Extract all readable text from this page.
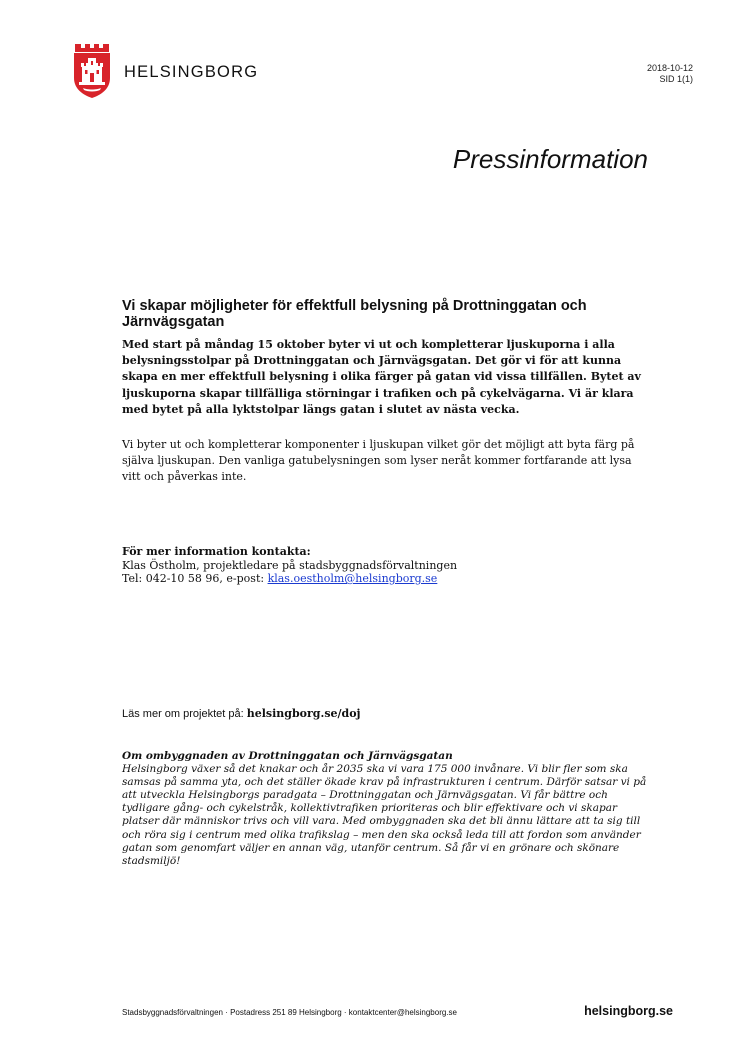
HELSINGBORG	2018-10-12
SID 1(1)
Pressinformation
Vi skapar möjligheter för effektfull belysning på Drottninggatan och Järnvägsgatan

Med start på måndag 15 oktober byter vi ut och kompletterar ljuskuporna i alla belysningsstolpar på Drottninggatan och Järnvägsgatan. Det gör vi för att kunna skapa en mer effektfull belysning i olika färger på gatan vid vissa tillfällen. Bytet av ljuskuporna skapar tillfälliga störningar i trafiken och på cykelvägarna. Vi är klara med bytet på alla lyktstolpar längs gatan i slutet av nästa vecka.

Vi byter ut och kompletterar komponenter i ljuskupan vilket gör det möjligt att byta färg på själva ljuskupan. Den vanliga gatubelysningen som lyser neråt kommer fortfarande att lysa vitt och påverkas inte.

För mer information kontakta:
Klas Östholm, projektledare på stadsbyggnadsförvaltningen
Tel: 042-10 58 96, e-post: klas.oestholm@helsingborg.se
Läs mer om projektet på: helsingborg.se/doj
Om ombyggnaden av Drottninggatan och Järnvägsgatan
Helsingborg växer så det knakar och år 2035 ska vi vara 175 000 invånare. Vi blir fler som ska samsas på samma yta, och det ställer ökade krav på infrastrukturen i centrum. Därför satsar vi på att utveckla Helsingborgs paradgata – Drottninggatan och Järnvägsgatan. Vi får bättre och tydligare gång- och cykelstråk, kollektivtrafiken prioriteras och blir effektivare och vi skapar platser där människor trivs och vill vara. Med ombyggnaden ska det bli ännu lättare att ta sig till och röra sig i centrum med olika trafikslag – men den ska också leda till att fordon som använder gatan som genomfart väljer en annan väg, utanför centrum. Så får vi en grönare och skönare stadsmiljö!
Stadsbyggnadsförvaltningen · Postadress 251 89 Helsingborg · kontaktcenter@helsingborg.se	helsingborg.se
